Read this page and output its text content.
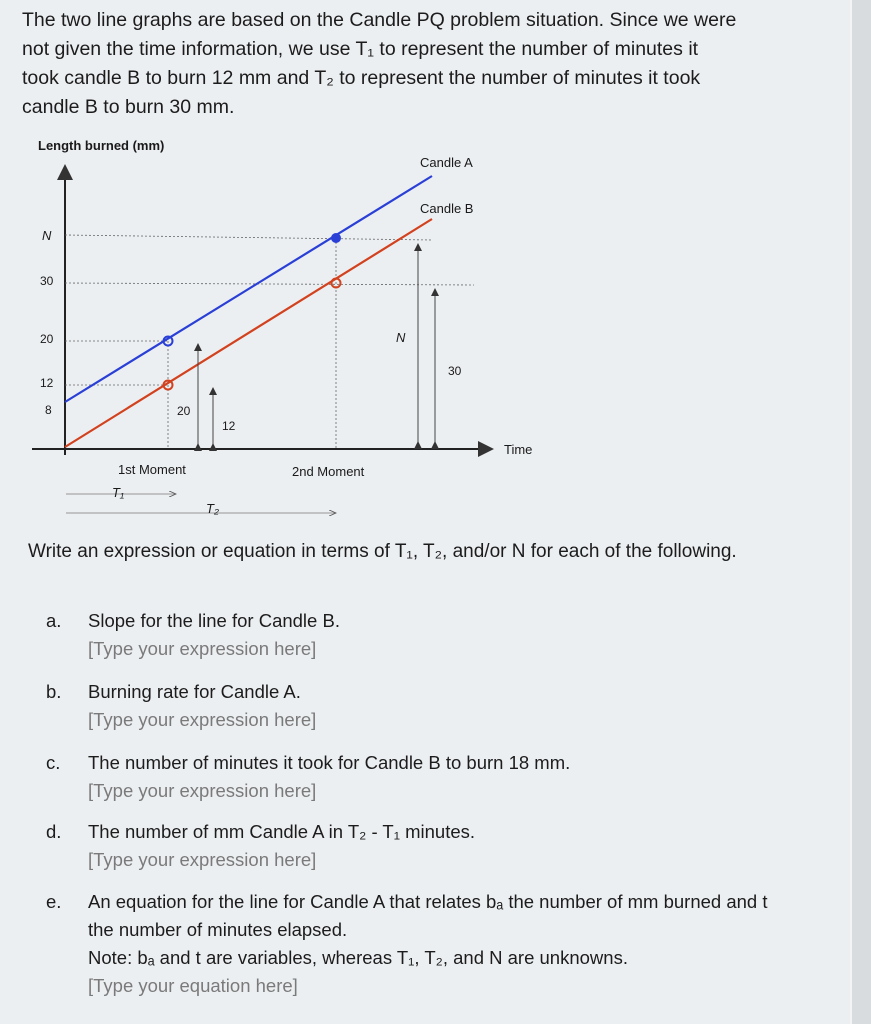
The two line graphs are based on the Candle PQ problem situation. Since we were
not given the time information, we use T₁ to represent the number of minutes it
took candle B to burn 12 mm and T₂ to represent the number of minutes it took
candle B to burn 30 mm.
Length burned (mm)
Time
N
30
20
12
8
Candle A
Candle B
20
12
N
30
1st Moment	2nd Moment
T₁
T₂

Write an expression or equation in terms of T₁, T₂, and/or N for each of the following.

a.	Slope for the line for Candle B.
[Type your expression here]
b.	Burning rate for Candle A.
[Type your expression here]
c.	The number of minutes it took for Candle B to burn 18 mm.
[Type your expression here]
d.	The number of mm Candle A in T₂ - T₁ minutes.
[Type your expression here]
e.	An equation for the line for Candle A that relates bₐ the number of mm burned and t the number of minutes elapsed.
Note: bₐ and t are variables, whereas T₁, T₂, and N are unknowns.
[Type your equation here]
